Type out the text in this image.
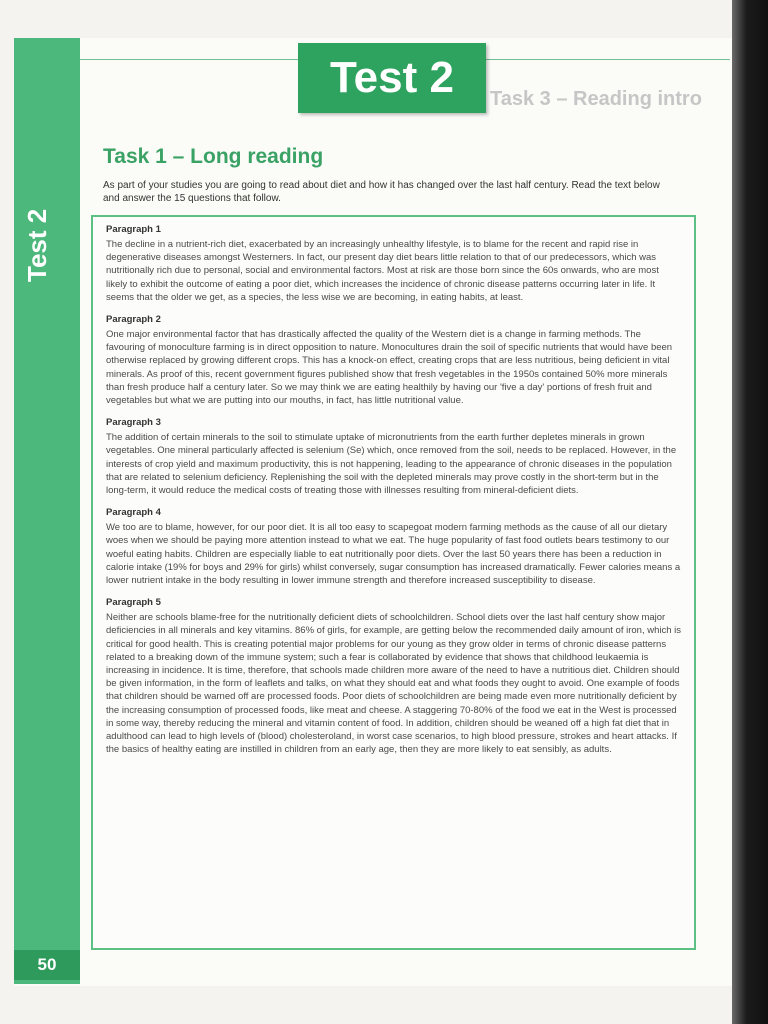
Test 2
50
Task 3 – Reading intro
Test 2
Task 1 – Long reading
As part of your studies you are going to read about diet and how it has changed over the last half century. Read the text below and answer the 15 questions that follow.

Paragraph 1

The decline in a nutrient-rich diet, exacerbated by an increasingly unhealthy lifestyle, is to blame for the recent and rapid rise in degenerative diseases amongst Westerners. In fact, our present day diet bears little relation to that of our predecessors, which was nutritionally rich due to personal, social and environmental factors. Most at risk are those born since the 60s onwards, who are most likely to exhibit the outcome of eating a poor diet, which increases the incidence of chronic disease patterns occurring later in life. It seems that the older we get, as a species, the less wise we are becoming, in eating habits, at least.

Paragraph 2

One major environmental factor that has drastically affected the quality of the Western diet is a change in farming methods. The favouring of monoculture farming is in direct opposition to nature. Monocultures drain the soil of specific nutrients that would have been otherwise replaced by growing different crops. This has a knock-on effect, creating crops that are less nutritious, being deficient in vital minerals. As proof of this, recent government figures published show that fresh vegetables in the 1950s contained 50% more minerals than fresh produce half a century later. So we may think we are eating healthily by having our 'five a day' portions of fresh fruit and vegetables but what we are putting into our mouths, in fact, has little nutritional value.

Paragraph 3

The addition of certain minerals to the soil to stimulate uptake of micronutrients from the earth further depletes minerals in grown vegetables. One mineral particularly affected is selenium (Se) which, once removed from the soil, needs to be replaced. However, in the interests of crop yield and maximum productivity, this is not happening, leading to the appearance of chronic diseases in the population that are related to selenium deficiency. Replenishing the soil with the depleted minerals may prove costly in the short-term but in the long-term, it would reduce the medical costs of treating those with illnesses resulting from mineral-deficient diets.

Paragraph 4

We too are to blame, however, for our poor diet. It is all too easy to scapegoat modern farming methods as the cause of all our dietary woes when we should be paying more attention instead to what we eat. The huge popularity of fast food outlets bears testimony to our woeful eating habits. Children are especially liable to eat nutritionally poor diets. Over the last 50 years there has been a reduction in calorie intake (19% for boys and 29% for girls) whilst conversely, sugar consumption has increased dramatically. Fewer calories means a lower nutrient intake in the body resulting in lower immune strength and therefore increased susceptibility to disease.

Paragraph 5

Neither are schools blame-free for the nutritionally deficient diets of schoolchildren. School diets over the last half century show major deficiencies in all minerals and key vitamins. 86% of girls, for example, are getting below the recommended daily amount of iron, which is critical for good health. This is creating potential major problems for our young as they grow older in terms of chronic disease patterns related to a breaking down of the immune system; such a fear is collaborated by evidence that shows that childhood leukaemia is increasing in incidence. It is time, therefore, that schools made children more aware of the need to have a nutritious diet. Children should be given information, in the form of leaflets and talks, on what they should eat and what foods they ought to avoid. One example of foods that children should be warned off are processed foods. Poor diets of schoolchildren are being made even more nutritionally deficient by the increasing consumption of processed foods, like meat and cheese. A staggering 70-80% of the food we eat in the West is processed in some way, thereby reducing the mineral and vitamin content of food. In addition, children should be weaned off a high fat diet that in adulthood can lead to high levels of (blood) cholesteroland, in worst case scenarios, to high blood pressure, strokes and heart attacks. If the basics of healthy eating are instilled in children from an early age, then they are more likely to eat sensibly, as adults.
